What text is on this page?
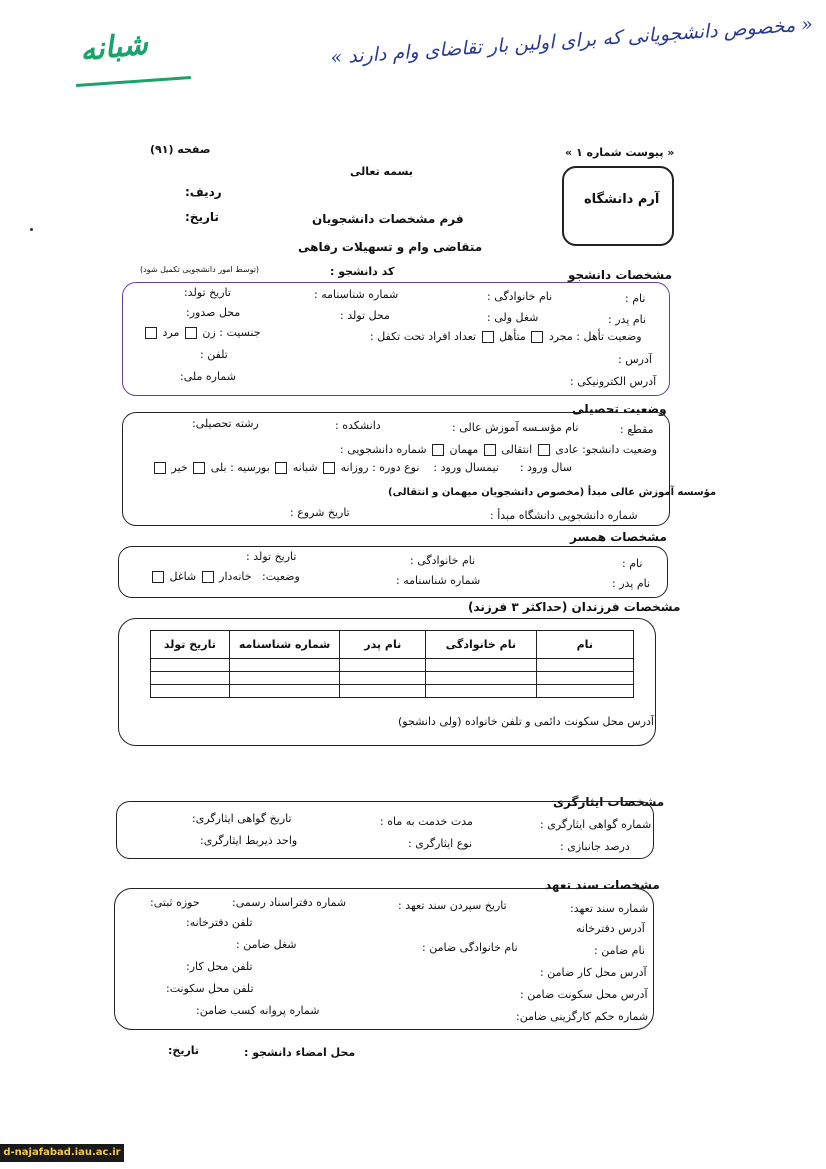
« مخصوص دانشجویانی که برای اولین بار تقاضای وام دارند »
شبانه
صفحه (۹۱)	« پیوست شماره ۱ »
بسمه تعالی
آرم دانشگاه
ردیف:
تاریخ:	فرم مشخصات دانشجویان
متقاضی وام و تسهیلات رفاهی
مشخصات دانشجو
کد دانشجو :
(توسط امور دانشجویی تکمیل شود)
نام :
نام خانوادگی :
شماره شناسنامه :
تاریخ تولد:
نام پدر :
شغل ولی :
محل تولد :
محل صدور:
وضعیت تأهل : مجرد  متأهل  تعداد افراد تحت تکفل :
جنسیت : زن  مرد
آدرس :
تلفن :
آدرس الکترونیکی :
شماره ملی:
وضعیت تحصیلی
مقطع :
نام مؤسـسه آموزش عالی :
دانشکده :
رشته تحصیلی:
وضعیت دانشجو: عادی  انتقالی  مهمان  شماره دانشجویی :
سال ورود :      نیمسال ورود :    نوع دوره : روزانه  شبانه  بورسیه : بلی  خیر
مؤسسه آموزش عالی مبدأ (مخصوص دانشجویان میهمان و انتقالی)
شماره دانشجویی دانشگاه مبدأ :
تاریخ شروع :
مشخصات همسر
نام :
نام خانوادگی :
تاریخ تولد :
نام پدر :
شماره شناسنامه :
وضعیت:   خانه‌دار  شاغل
مشخصات فرزندان (حداکثر ۳ فرزند)
نام	نام خانوادگی	نام پدر	شماره شناسنامه	تاریخ تولد

آدرس محل سکونت دائمی و تلفن خانواده (ولی دانشجو)
مشخصات ایثارگری
شماره گواهی ایثارگری :
مدت خدمت به ماه :
تاریخ گواهی ایثارگری:
درصد جانبازی :
نوع ایثارگری :
واحد ذیربط ایثارگری:
مشخصات سند تعهد
شماره سند تعهد:
تاریخ سپردن سند تعهد :
شماره دفتراسناد رسمی:
حوزه ثبتی:
آدرس دفترخانه
تلفن دفترخانه:
نام ضامن :
نام خانوادگی ضامن :
شغل ضامن :
آدرس محل کار ضامن :
تلفن محل کار:
آدرس محل سکونت ضامن :
تلفن محل سکونت:
شماره حکم کارگزینی ضامن:
شماره پروانه کسب ضامن:
محل امضاء دانشجو :
تاریخ:
d-najafabad.iau.ac.ir
